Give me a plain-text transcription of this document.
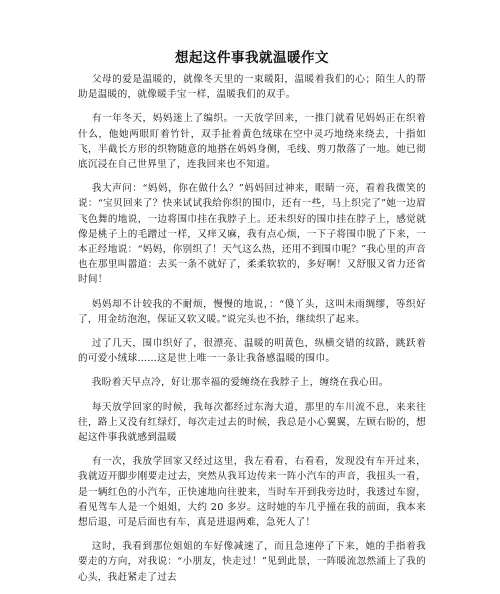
想起这件事我就温暖作文

父母的爱是温暖的，就像冬天里的一束暖阳，温暖着我们的心；陌生人的帮助是温暖的，就像暖手宝一样，温暖我们的双手。

有一年冬天，妈妈迷上了编织。一天放学回来，一推门就看见妈妈正在织着什么，他她两眼盯着竹针，双手扯着黄色绒球在空中灵巧地绕来绕去，十指如飞，半截长方形的织物随意的地搭在妈妈身侧，毛线、剪刀散落了一地。她已彻底沉浸在自己世界里了，连我回来也不知道。

我大声问：“妈妈，你在做什么？”妈妈回过神来，眼睛一亮，看着我微笑的说：“宝贝回来了？快来试试我给你织的围巾，还有一些，马上织完了”她一边眉飞色舞的地说，一边将围巾挂在我脖子上。还未织好的围巾挂在脖子上，感觉就像是桃子上的毛蹭过一样，又痒又麻，我有点心烦，一下子将围巾脱了下来，一本正经地说：“妈妈，你别织了！天气这么热，还用不到围巾呢？”我心里的声音也在那里叫嚣道：去买一条不就好了，柔柔软软的，多好啊！又舒服又省力还省时间！

妈妈却不计较我的不耐烦，慢慢的地说，：“傻丫头，这叫未雨绸缪，等织好了，用金纺泡泡，保证又软又暖。”说完头也不抬，继续织了起来。

过了几天，围巾织好了，很漂亮、温暖的明黄色，纵横交错的纹路，跳跃着的可爱小绒球……这是世上唯一一条让我备感温暖的围巾。

我盼着天早点冷，好让那幸福的爱缠绕在我脖子上，缠绕在我心田。

每天放学回家的时候，我每次都经过东海大道，那里的车川流不息，来来往往，路上又没有红绿灯，每次走过去的时候，我总是小心翼翼，左顾右盼的，想起这件事我就感到温暖

有一次，我放学回家又经过这里，我左看看，右看看，发现没有车开过来，我就迈开脚步刚要走过去，突然从我耳边传来一阵小汽车的声音，我扭头一看，是一辆红色的小汽车，正快速地向往驶来，当时车开到我旁边时，我透过车窗，看见驾车人是一个姐姐，大约 20 多岁。这时她的车几乎撞在我的前面，我本来想后退，可是后面也有车，真是进退两难，急死人了！

这时，我看到那位姐姐的车好像减速了，而且急速停了下来，她的手指着我要走的方向，对我说：“小朋友，快走过！”见到此景，一阵暖流忽然涌上了我的心头，我赶紧走了过去
